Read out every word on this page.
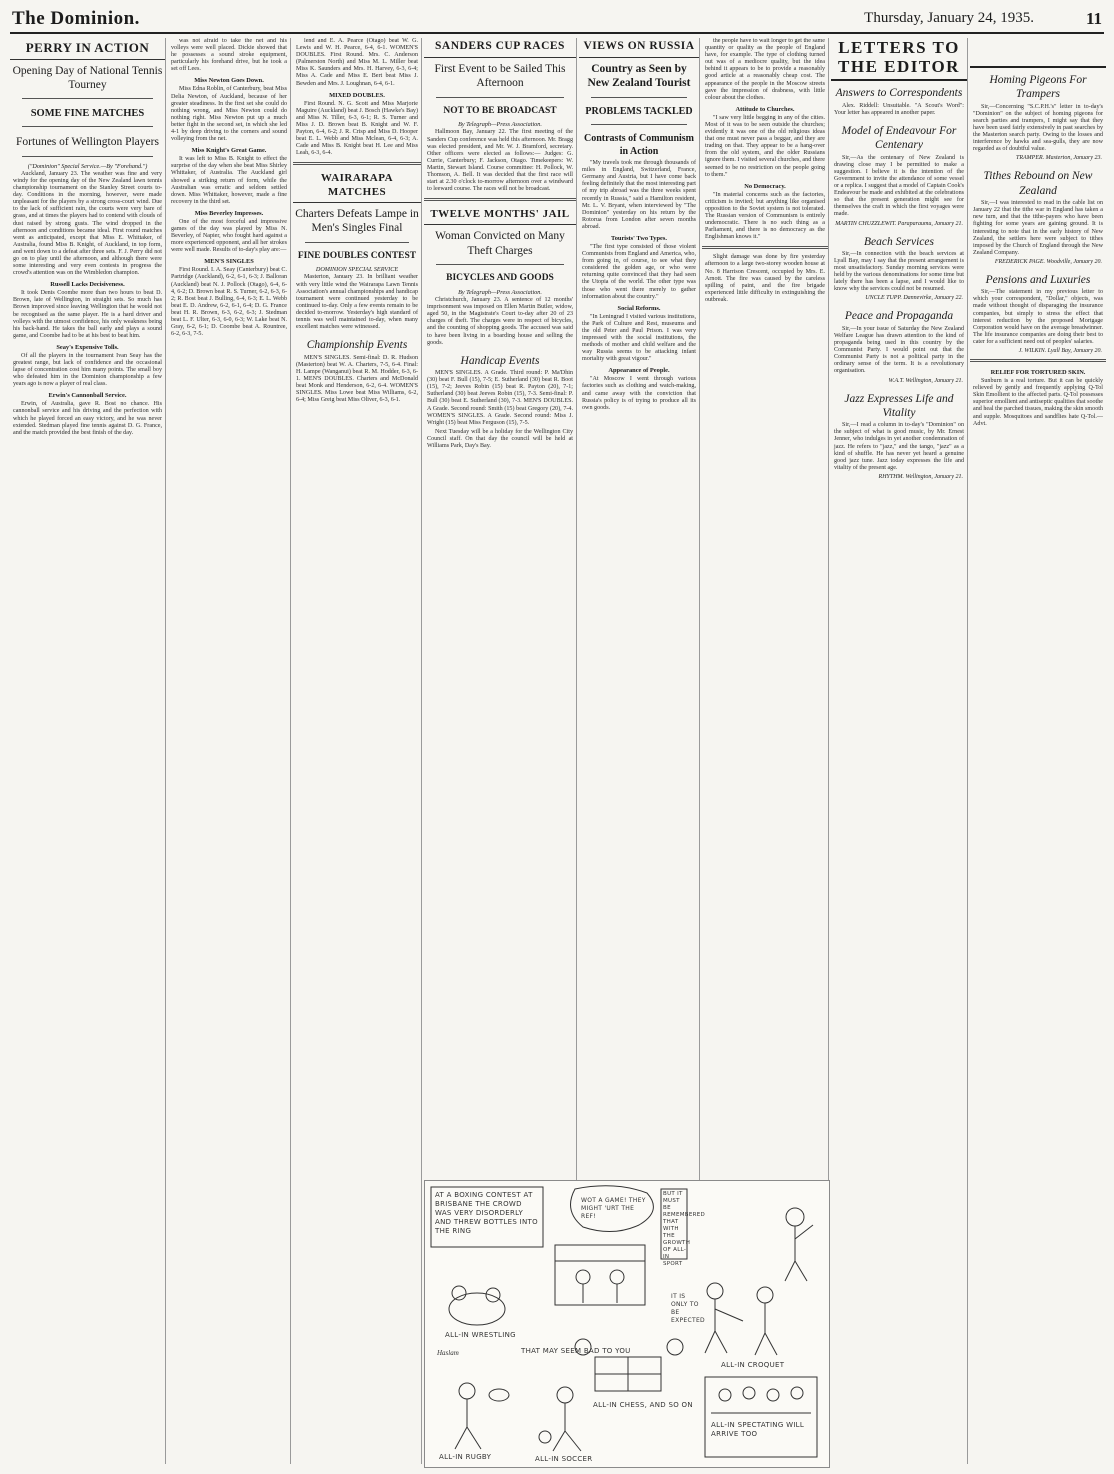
The Dominion.	Thursday, January 24, 1935.	11
PERRY IN ACTION
Opening Day of National Tennis Tourney
SOME FINE MATCHES
Fortunes of Wellington Players
("Dominion" Special Service.—By "Forehand.")

Auckland, January 23. The weather was fine and very windy for the opening day of the New Zealand lawn tennis championship tournament on the Stanley Street courts to-day. Conditions in the morning, however, were made unpleasant for the players by a strong cross-court wind. Due to the lack of sufficient rain, the courts were very bare of grass, and at times the players had to contend with clouds of dust raised by strong gusts. The wind dropped in the afternoon and conditions became ideal. First round matches went as anticipated, except that Miss E. Whittaker, of Australia, found Miss B. Knight, of Auckland, in top form, and went down to a defeat after three sets. F. J. Perry did not go on to play until the afternoon, and although there were some interesting and very even contests in progress the crowd's attention was on the Wimbledon champion.

Russell Lacks Decisiveness.

It took Denis Coombe more than two hours to beat D. Brown, late of Wellington, in straight sets. So much has Brown improved since leaving Wellington that he would not be recognised as the same player. He is a hard driver and volleys with the utmost confidence, his only weakness being his back-hand. He takes the ball early and plays a sound game, and Coombe had to be at his best to beat him.

Seay's Expensive Tolls.

Of all the players in the tournament Ivan Seay has the greatest range, but lack of confidence and the occasional lapse of concentration cost him many points. The small boy who defeated him in the Dominion championship a few years ago is now a player of real class.

Erwin's Cannonball Service.

Erwin, of Australia, gave R. Bost no chance. His cannonball service and his driving and the perfection with which he played forced an easy victory, and he was never extended. Stedman played fine tennis against D. G. France, and the match provided the best finish of the day.

was not afraid to take the net and his volleys were well placed. Dickie showed that he possesses a sound stroke equipment, particularly his forehand drive, but he took a set off Lees.

Miss Newton Goes Down.

Miss Edna Roblin, of Canterbury, beat Miss Delia Newton, of Auckland, because of her greater steadiness. In the first set she could do nothing wrong, and Miss Newton could do nothing right. Miss Newton put up a much better fight in the second set, in which she led 4-1 by deep driving to the corners and sound volleying from the net.

Miss Knight's Great Game.

It was left to Miss B. Knight to effect the surprise of the day when she beat Miss Shirley Whittaker, of Australia. The Auckland girl showed a striking return of form, while the Australian was erratic and seldom settled down. Miss Whittaker, however, made a fine recovery in the third set.

Miss Beverley Impresses.

One of the most forceful and impressive games of the day was played by Miss N. Beverley, of Napier, who fought hard against a more experienced opponent, and all her strokes were well made. Results of to-day's play are:—

MEN'S SINGLES

First Round. I. A. Seay (Canterbury) beat C. Partridge (Auckland), 6-2, 6-1, 6-3; J. Balloran (Auckland) beat N. J. Pollock (Otago), 6-4, 6-4, 6-2; D. Brown beat R. S. Turner, 6-2, 6-3, 6-2; R. Bost beat J. Bulling, 6-4, 6-3; E. L. Webb beat E. D. Andrew, 6-2, 6-1, 6-4; D. G. France beat H. R. Brown, 6-3, 6-2, 6-3; J. Stedman beat L. F. Ulter, 6-3, 6-0, 6-3; W. Lake beat N. Gray, 6-2, 6-1; D. Coombe beat A. Rountree, 6-2, 6-3, 7-5.

lend and E. A. Pearce (Otago) beat W. G. Lewis and W. H. Pearce, 6-4, 6-1. WOMEN'S DOUBLES. First Round. Mrs. C. Anderson (Palmerston North) and Miss M. L. Miller beat Miss K. Saunders and Mrs. H. Harvey, 6-3, 6-4; Miss A. Cade and Miss E. Bert beat Miss J. Bewden and Mrs. J. Loughnan, 6-4, 6-1.

MIXED DOUBLES.

First Round. N. G. Scott and Miss Marjorie Maguire (Auckland) beat J. Bosch (Hawke's Bay) and Miss N. Tiller, 6-3, 6-1; R. S. Turner and Miss J. D. Brown beat B. Knight and W. F. Payton, 6-4, 6-2; J. R. Crisp and Miss D. Hooper beat E. L. Webb and Miss Mclean, 6-4, 6-3; A. Cade and Miss B. Knight beat H. Lee and Miss Leah, 6-3, 6-4.

WAIRARAPA MATCHES
Charters Defeats Lampe in Men's Singles Final
FINE DOUBLES CONTEST
DOMINION SPECIAL SERVICE

Masterton, January 23. In brilliant weather with very little wind the Wairarapa Lawn Tennis Association's annual championships and handicap tournament were continued yesterday to be continued to-day. Only a few events remain to be decided to-morrow. Yesterday's high standard of tennis was well maintained to-day, when many excellent matches were witnessed.

Championship Events

MEN'S SINGLES. Semi-final: D. R. Hudson (Masterton) beat W. A. Charters, 7-5, 6-4. Final: H. Lampe (Wanganui) beat R. M. Hodder, 6-3, 6-1. MEN'S DOUBLES. Charters and McDonald beat Monk and Henderson, 6-2, 6-4. WOMEN'S SINGLES. Miss Lowe beat Miss Williams, 6-2, 6-4; Miss Greig beat Miss Oliver, 6-3, 6-1.

SANDERS CUP RACES
First Event to be Sailed This Afternoon
NOT TO BE BROADCAST
By Telegraph—Press Association.

Hallmoon Bay, January 22. The first meeting of the Sanders Cup conference was held this afternoon. Mr. Bragg was elected president, and Mr. W. J. Bramford, secretary. Other officers were elected as follows:— Judges: G. Currie, Canterbury; F. Jackson, Otago. Timekeepers: W. Martin, Stewart Island. Course committee: H. Pollock, W. Thomson, A. Bell. It was decided that the first race will start at 2.30 o'clock to-morrow afternoon over a windward to leeward course. The races will not be broadcast.

TWELVE MONTHS' JAIL
Woman Convicted on Many Theft Charges
BICYCLES AND GOODS
By Telegraph—Press Association.

Christchurch, January 23. A sentence of 12 months' imprisonment was imposed on Ellen Martin Butler, widow, aged 50, in the Magistrate's Court to-day after 20 of 23 charges of theft. The charges were in respect of bicycles, and the counting of shopping goods. The accused was said to have been living in a boarding house and selling the goods.

Handicap Events

MEN'S SINGLES. A Grade. Third round: P. Ma'Dhin (30) beat F. Bull (15), 7-5; E. Sutherland (30) beat R. Boot (15), 7-2; Jeeves Robin (15) beat R. Payton (20), 7-1; Sutherland (30) beat Jeeves Robin (15), 7-3. Semi-final: P. Bull (30) beat E. Sutherland (30), 7-3. MEN'S DOUBLES. A Grade. Second round: Smith (15) beat Gregory (20), 7-4. WOMEN'S SINGLES. A Grade. Second round: Miss J. Wright (15) beat Miss Ferguson (15), 7-5.

Next Tuesday will be a holiday for the Wellington City Council staff. On that day the council will be held at Williams Park, Day's Bay.

VIEWS ON RUSSIA
Country as Seen by New Zealand Tourist
PROBLEMS TACKLED
Contrasts of Communism in Action

"My travels took me through thousands of miles in England, Switzerland, France, Germany and Austria, but I have come back feeling definitely that the most interesting part of my trip abroad was the three weeks spent recently in Russia," said a Hamilton resident, Mr. L. V. Bryant, when interviewed by "The Dominion" yesterday on his return by the Rotorua from London after seven months abroad.

Tourists' Two Types.

"The first type consisted of those violent Communists from England and America, who, from going in, of course, to see what they considered the golden age, or who were returning quite convinced that they had seen the Utopia of the world. The other type was those who went there merely to gather information about the country."

Social Reforms.

"In Leningrad I visited various institutions, the Park of Culture and Rest, museums and the old Peter and Paul Prison. I was very impressed with the social institutions, the methods of mother and child welfare and the way Russia seems to be attacking infant mortality with great vigour."

Appearance of People.

"At Moscow I went through various factories such as clothing and watch-making, and came away with the conviction that Russia's policy is of trying to produce all its own goods.

the people have to wait longer to get the same quantity or quality as the people of England have, for example. The type of clothing turned out was of a mediocre quality, but the idea behind it appears to be to provide a reasonably good article at a reasonably cheap cost. The appearance of the people in the Moscow streets gave the impression of drabness, with little colour about the clothes.

Attitude to Churches.

"I saw very little begging in any of the cities. Most of it was to be seen outside the churches; evidently it was one of the old religious ideas that one must never pass a beggar, and they are trading on that. They appear to be a hang-over from the old system, and the older Russians ignore them. I visited several churches, and there seemed to be no restriction on the people going to them."

No Democracy.

"In material concerns such as the factories, criticism is invited; but anything like organised opposition to the Soviet system is not tolerated. The Russian version of Communism is entirely undemocratic. There is no such thing as a Parliament, and there is no democracy as the Englishman knows it."

Slight damage was done by fire yesterday afternoon to a large two-storey wooden house at No. 8 Harrison Crescent, occupied by Mrs. E. Arnott. The fire was caused by the careless spilling of paint, and the fire brigade experienced little difficulty in extinguishing the outbreak.

LETTERS TO THE EDITOR
Answers to Correspondents

Alex. Riddell: Unsuitable. "A Scout's Word": Your letter has appeared in another paper.

Model of Endeavour For Centenary

Sir,—As the centenary of New Zealand is drawing close may I be permitted to make a suggestion. I believe it is the intention of the Government to invite the attendance of some vessel or a replica. I suggest that a model of Captain Cook's Endeavour be made and exhibited at the celebrations so that the present generation might see for themselves the craft in which the first voyages were made.

MARTIN CHUZZLEWIT. Paraparaumu, January 21.
Beach Services

Sir,—In connection with the beach services at Lyall Bay, may I say that the present arrangement is most unsatisfactory. Sunday morning services were held by the various denominations for some time but lately there has been a lapse, and I would like to know why the services could not be resumed.

UNCLE TUPP. Dannevirke, January 22.
Peace and Propaganda

Sir,—In your issue of Saturday the New Zealand Welfare League has drawn attention to the kind of propaganda being used in this country by the Communist Party. I would point out that the Communist Party is not a political party in the ordinary sense of the term. It is a revolutionary organisation.

W.A.T. Wellington, January 21.
Jazz Expresses Life and Vitality

Sir,—I read a column in to-day's "Dominion" on the subject of what is good music, by Mr. Ernest Jenner, who indulges in yet another condemnation of jazz. He refers to "jazz," and the tango, "jazz" as a kind of shuffle. He has never yet heard a genuine good jazz tune. Jazz today expresses the life and vitality of the present age.

RHYTHM. Wellington, January 21.
Homing Pigeons For Trampers

Sir,—Concerning "S.C.P.H.'s" letter in to-day's "Dominion" on the subject of homing pigeons for search parties and trampers, I might say that they have been used fairly extensively in past searches by the Masterton search party. Owing to the losses and interference by hawks and sea-gulls, they are now regarded as of doubtful value.

TRAMPER. Masterton, January 23.
Tithes Rebound on New Zealand

Sir,—I was interested to read in the cable list on January 22 that the tithe war in England has taken a new turn, and that the tithe-payers who have been fighting for some years are gaining ground. It is interesting to note that in the early history of New Zealand, the settlers here were subject to tithes imposed by the Church of England through the New Zealand Company.

FREDERICK PAGE. Woodville, January 20.
Pensions and Luxuries

Sir,—The statement in my previous letter to which your correspondent, "Dollar," objects, was made without thought of disparaging the insurance companies, but simply to stress the effect that interest reduction by the proposed Mortgage Corporation would have on the average breadwinner. The life insurance companies are doing their best to cater for a sufficient need out of peoples' salaries.

J. WILKIN. Lyall Bay, January 20.
RELIEF FOR TORTURED SKIN.

Sunburn is a real torture. But it can be quickly relieved by gently and frequently applying Q-Tol Skin Emollient to the affected parts. Q-Tol possesses superior emollient and antiseptic qualities that soothe and heal the parched tissues, making the skin smooth and supple. Mosquitoes and sandflies hate Q-Tol.—Advt.

AT A BOXING CONTEST AT BRISBANE THE CROWD WAS VERY DISORDERLY AND THREW BOTTLES INTO THE RING
WOT A GAME! THEY MIGHT 'URT THE REF!
BUT IT MUST BE REMEMBERED THAT WITH THE GROWTH OF ALL-IN SPORT
ALL-IN WRESTLING
ALL-IN CROQUET
THAT MAY SEEM BAD TO YOU
IT IS ONLY TO BE EXPECTED
ALL-IN CHESS, AND SO ON
ALL-IN RUGBY	ALL-IN SOCCER
ALL-IN SPECTATING WILL ARRIVE TOO
Haslam
